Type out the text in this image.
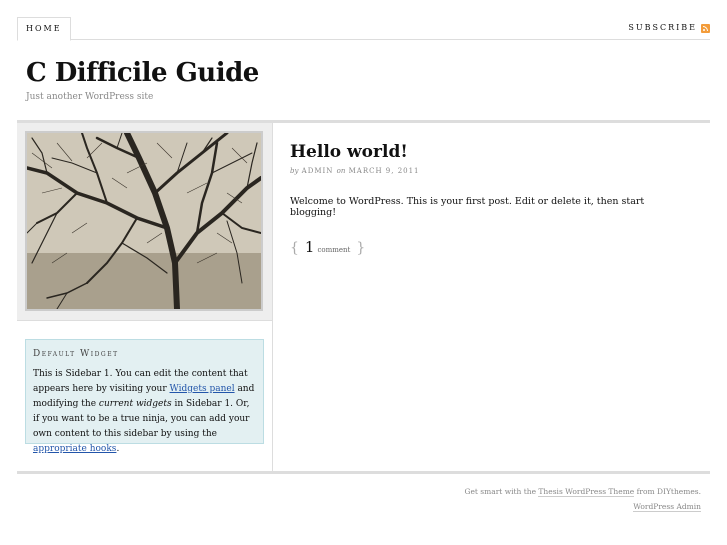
HOME	SUBSCRIBE
C Difficile Guide
Just another WordPress site
Default Widget
This is Sidebar 1. You can edit the content that appears here by visiting your Widgets panel and modifying the current widgets in Sidebar 1. Or, if you want to be a true ninja, you can add your own content to this sidebar by using the appropriate hooks.
Hello world!
by ADMIN on MARCH 9, 2011
Welcome to WordPress. This is your first post. Edit or delete it, then start blogging!
{ 1 comment }
Get smart with the Thesis WordPress Theme from DIYthemes.
WordPress Admin
